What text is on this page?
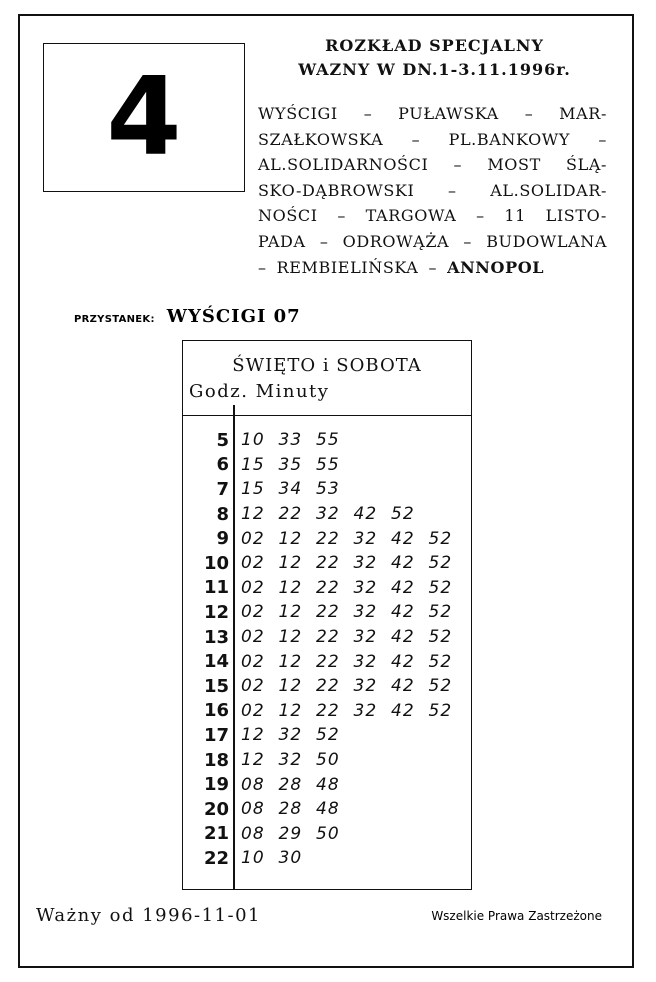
4
ROZKŁAD SPECJALNY
WAZNY W DN.1-3.11.1996r.
WYŚCIGI – PUŁAWSKA – MAR-
SZAŁKOWSKA – PL.BANKOWY –
AL.SOLIDARNOŚCI – MOST ŚLĄ-
SKO-DĄBROWSKI – AL.SOLIDAR-
NOŚCI – TARGOWA – 11 LISTO-
PADA – ODROWĄŻA – BUDOWLANA
– REMBIELIŃSKA – ANNOPOL
PRZYSTANEK: WYŚCIGI 07
ŚWIĘTO i SOBOTA
Godz. Minuty
5 10 33 55
6 15 35 55
7 15 34 53
8 12 22 32 42 52
9 02 12 22 32 42 52
10 02 12 22 32 42 52
11 02 12 22 32 42 52
12 02 12 22 32 42 52
13 02 12 22 32 42 52
14 02 12 22 32 42 52
15 02 12 22 32 42 52
16 02 12 22 32 42 52
17 12 32 52
18 12 32 50
19 08 28 48
20 08 28 48
21 08 29 50
22 10 30
Ważny od 1996-11-01	Wszelkie Prawa Zastrzeżone
